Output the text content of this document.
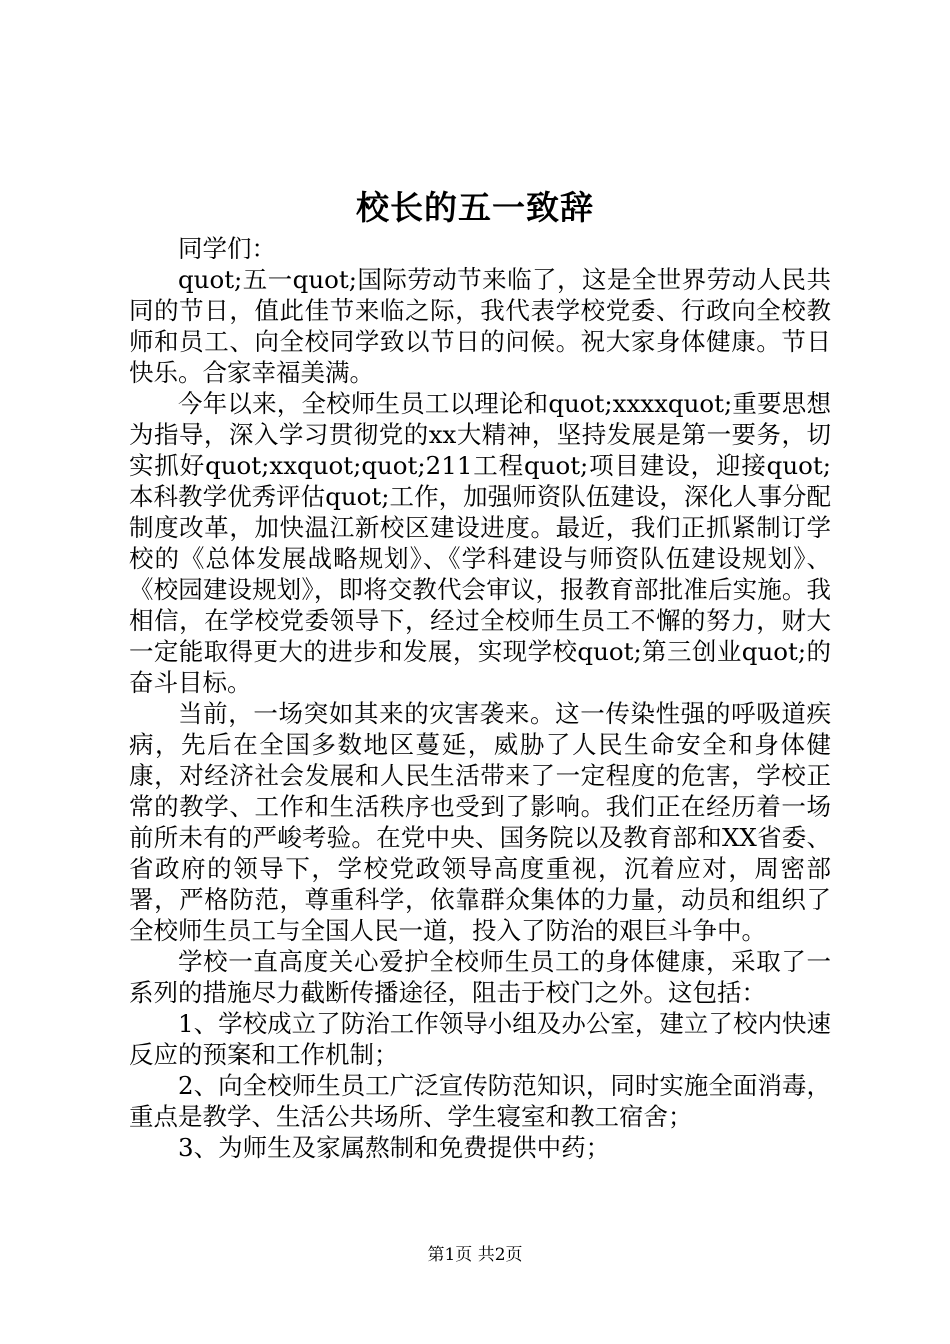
校长的五一致辞

同学们：

quot;五一quot;国际劳动节来临了，这是全世界劳动人民共同的节日，值此佳节来临之际，我代表学校党委、行政向全校教师和员工、向全校同学致以节日的问候。祝大家身体健康。节日快乐。合家幸福美满。

今年以来，全校师生员工以理论和quot;xxxxquot;重要思想为指导，深入学习贯彻党的xx大精神，坚持发展是第一要务，切实抓好quot;xxquot;quot;211工程quot;项目建设，迎接quot;本科教学优秀评估quot;工作，加强师资队伍建设，深化人事分配制度改革，加快温江新校区建设进度。最近，我们正抓紧制订学校的《总体发展战略规划》、《学科建设与师资队伍建设规划》、《校园建设规划》，即将交教代会审议，报教育部批准后实施。我相信，在学校党委领导下，经过全校师生员工不懈的努力，财大一定能取得更大的进步和发展，实现学校quot;第三创业quot;的奋斗目标。

当前，一场突如其来的灾害袭来。这一传染性强的呼吸道疾病，先后在全国多数地区蔓延，威胁了人民生命安全和身体健康，对经济社会发展和人民生活带来了一定程度的危害，学校正常的教学、工作和生活秩序也受到了影响。我们正在经历着一场前所未有的严峻考验。在党中央、国务院以及教育部和XX省委、省政府的领导下，学校党政领导高度重视，沉着应对，周密部署，严格防范，尊重科学，依靠群众集体的力量，动员和组织了全校师生员工与全国人民一道，投入了防治的艰巨斗争中。

学校一直高度关心爱护全校师生员工的身体健康，采取了一系列的措施尽力截断传播途径，阻击于校门之外。这包括：

1、学校成立了防治工作领导小组及办公室，建立了校内快速反应的预案和工作机制；

2、向全校师生员工广泛宣传防范知识，同时实施全面消毒，重点是教学、生活公共场所、学生寝室和教工宿舍；

3、为师生及家属熬制和免费提供中药；

第1页 共2页
